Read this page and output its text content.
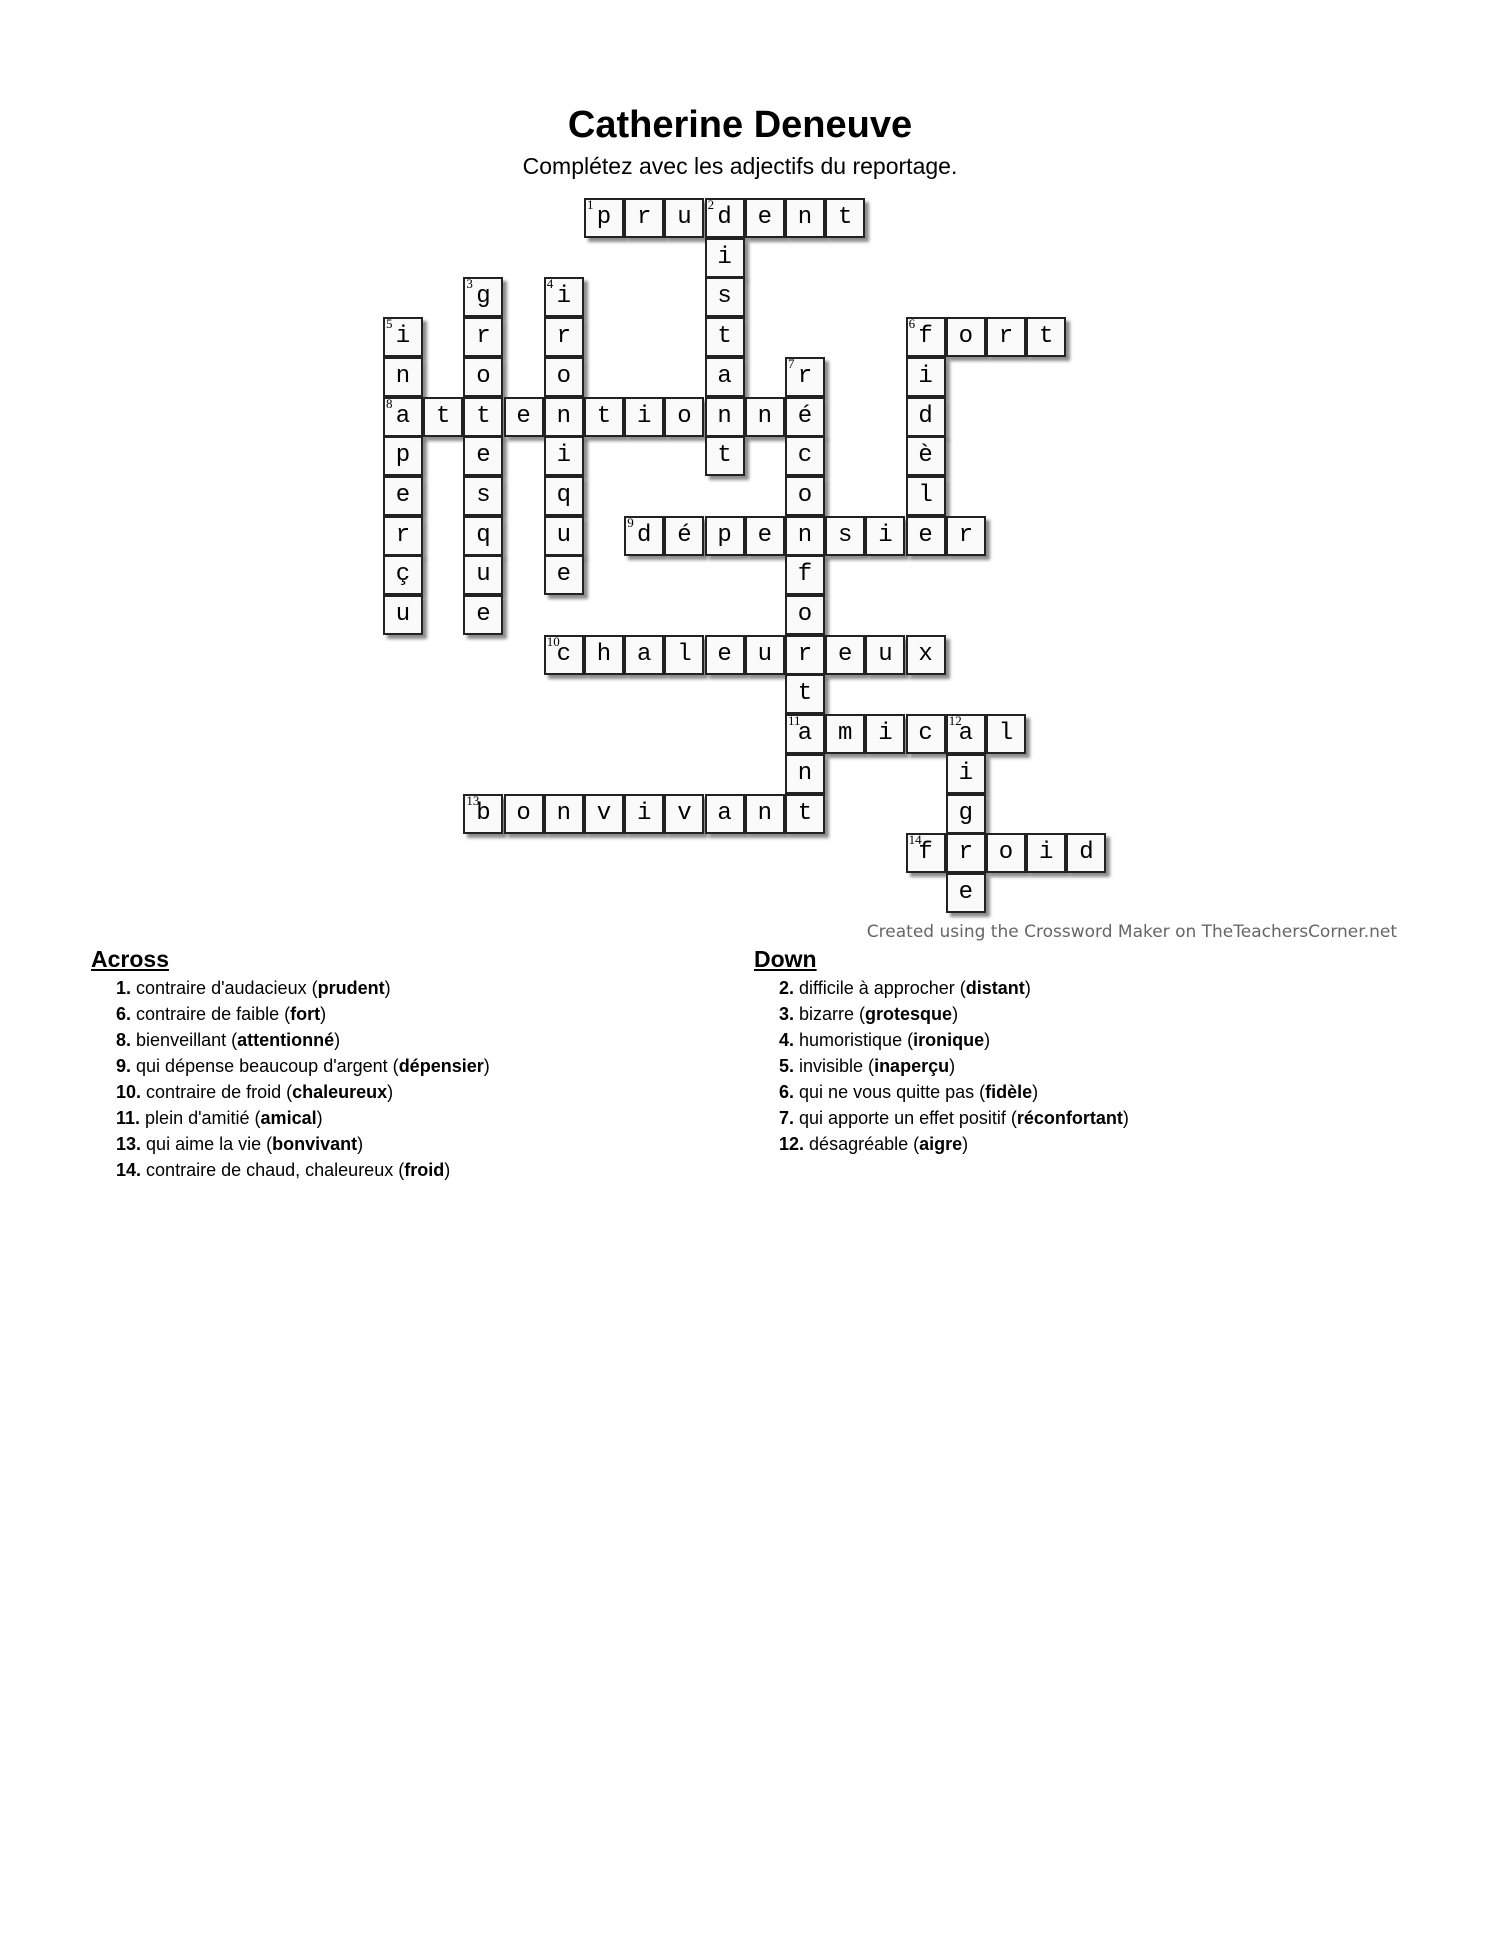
Catherine Deneuve
Complétez avec les adjectifs du reportage.
1 p	r	u	2 d	e	n	t
i
3 g	4 i	s
5 i	r	r	t	6 f	o	r	t
n	o	o	a	7 r	i
8 a	t	t	e	n	t	i	o	n	n	é	d
p	e	i	t	c	è
e	s	q	o	l
r	q	u	9 d	é	p	e	n	s	i	e	r
ç	u	e	f
u	e	o
10
c	h	a	l	e	u	r	e	u	x
t
11
a	m	i	c	12
a	l
n	i
13
b	o	n	v	i	v	a	n	t	g
14
f	r	o	i	d
e
Created using the Crossword Maker on TheTeachersCorner.net
Across
1. contraire d'audacieux (prudent)
6. contraire de faible (fort)
8. bienveillant (attentionné)
9. qui dépense beaucoup d'argent (dépensier)
10. contraire de froid (chaleureux)
11. plein d'amitié (amical)
13. qui aime la vie (bonvivant)
14. contraire de chaud, chaleureux (froid)
Down
2. difficile à approcher (distant)
3. bizarre (grotesque)
4. humoristique (ironique)
5. invisible (inaperçu)
6. qui ne vous quitte pas (fidèle)
7. qui apporte un effet positif (réconfortant)
12. désagréable (aigre)
